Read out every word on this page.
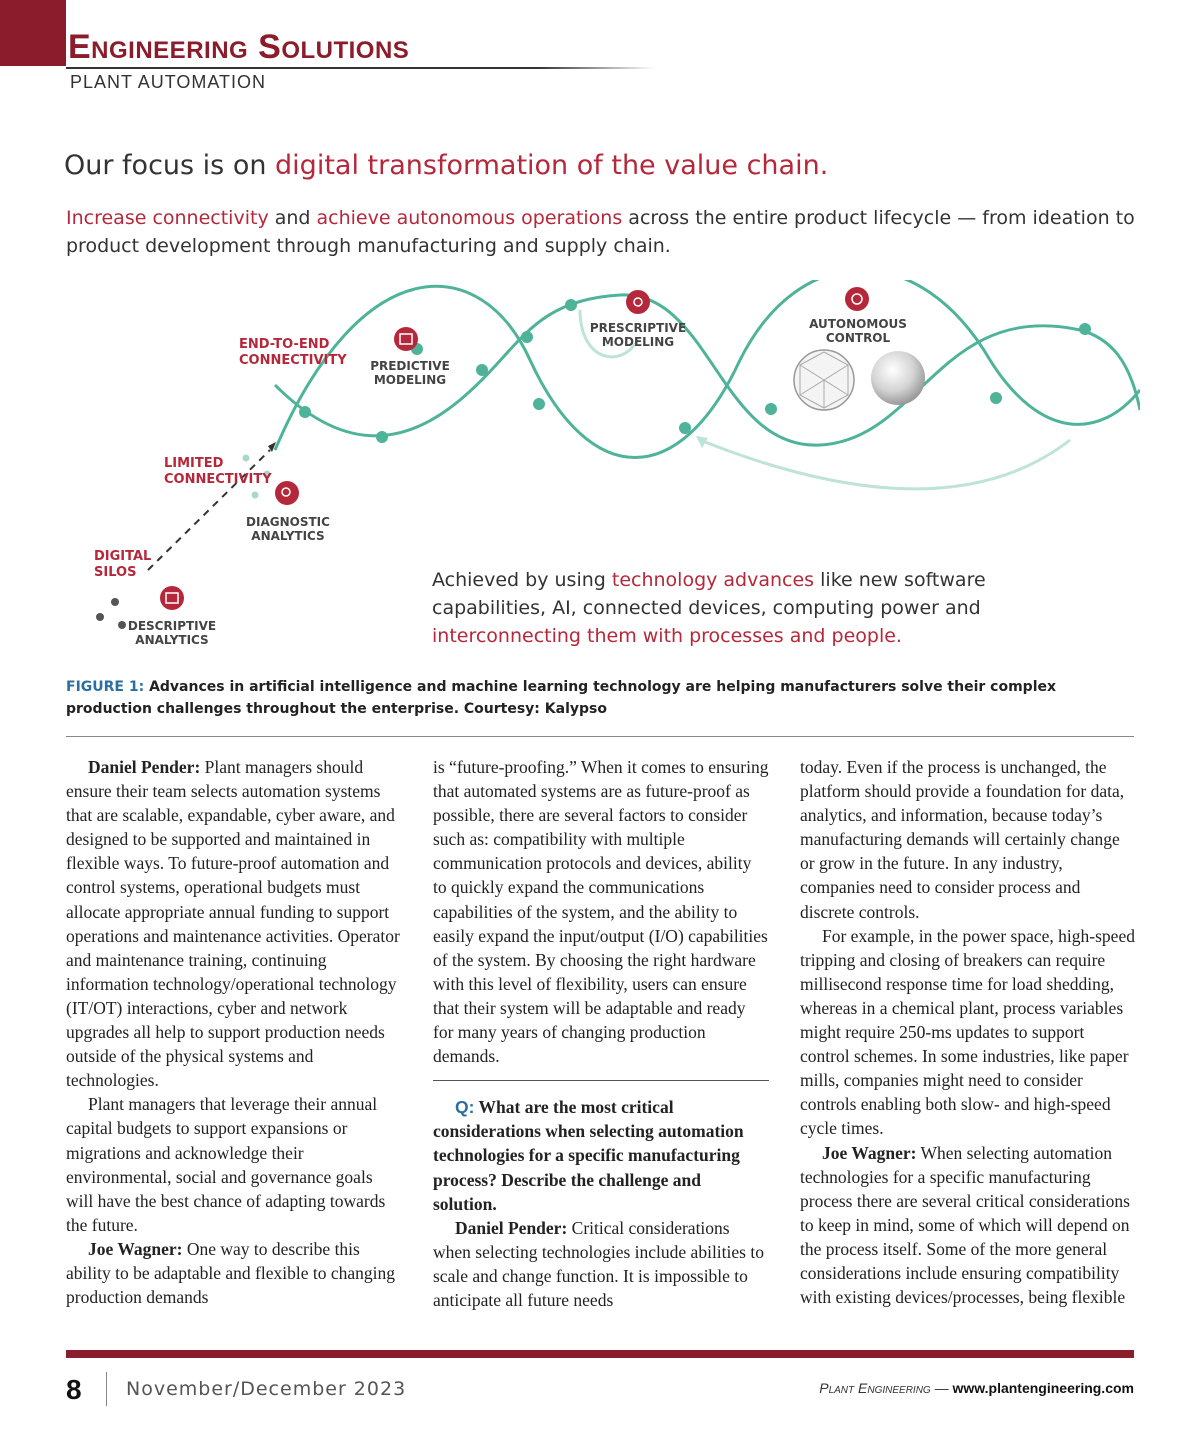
Engineering Solutions
PLANT AUTOMATION
Our focus is on digital transformation of the value chain.
Increase connectivity and achieve autonomous operations across the entire product lifecycle — from ideation to product development through manufacturing and supply chain.
DIGITAL
SILOS
LIMITED
CONNECTIVITY
END-TO-END
CONNECTIVITY
DESCRIPTIVE
ANALYTICS
DIAGNOSTIC
ANALYTICS
PREDICTIVE
MODELING
PRESCRIPTIVE
MODELING
AUTONOMOUS
CONTROL
Achieved by using technology advances like new software capabilities, AI, connected devices, computing power and interconnecting them with processes and people.
FIGURE 1: Advances in artificial intelligence and machine learning technology are helping manufacturers solve their complex production challenges throughout the enterprise. Courtesy: Kalypso

Daniel Pender: Plant managers should ensure their team selects automation systems that are scalable, expandable, cyber aware, and designed to be supported and maintained in flexible ways. To future-proof automation and control systems, operational budgets must allocate appropriate annual funding to support operations and maintenance activities. Operator and maintenance training, continuing information technology/operational technology (IT/OT) interactions, cyber and network upgrades all help to support production needs outside of the physical systems and technologies.

Plant managers that leverage their annual capital budgets to support expansions or migrations and acknowledge their environmental, social and governance goals will have the best chance of adapting towards the future.

Joe Wagner: One way to describe this ability to be adaptable and flexible to changing production demands

is “future-proofing.” When it comes to ensuring that automated systems are as future-proof as possible, there are several factors to consider such as: compatibility with multiple communication protocols and devices, ability to quickly expand the communications capabilities of the system, and the ability to easily expand the input/output (I/O) capabilities of the system. By choosing the right hardware with this level of flexibility, users can ensure that their system will be adaptable and ready for many years of changing production demands.

Q: What are the most critical considerations when selecting automation technologies for a specific manufacturing process? Describe the challenge and solution.

Daniel Pender: Critical considerations when selecting technologies include abilities to scale and change function. It is impossible to anticipate all future needs

today. Even if the process is unchanged, the platform should provide a foundation for data, analytics, and information, because today’s manufacturing demands will certainly change or grow in the future. In any industry, companies need to consider process and discrete controls.

For example, in the power space, high-speed tripping and closing of breakers can require millisecond response time for load shedding, whereas in a chemical plant, process variables might require 250-ms updates to support control schemes. In some industries, like paper mills, companies might need to consider controls enabling both slow- and high-speed cycle times.

Joe Wagner: When selecting automation technologies for a specific manufacturing process there are several critical considerations to keep in mind, some of which will depend on the process itself. Some of the more general considerations include ensuring compatibility with existing devices/processes, being flexible

8 November/December 2023	Plant Engineering — www.plantengineering.com
